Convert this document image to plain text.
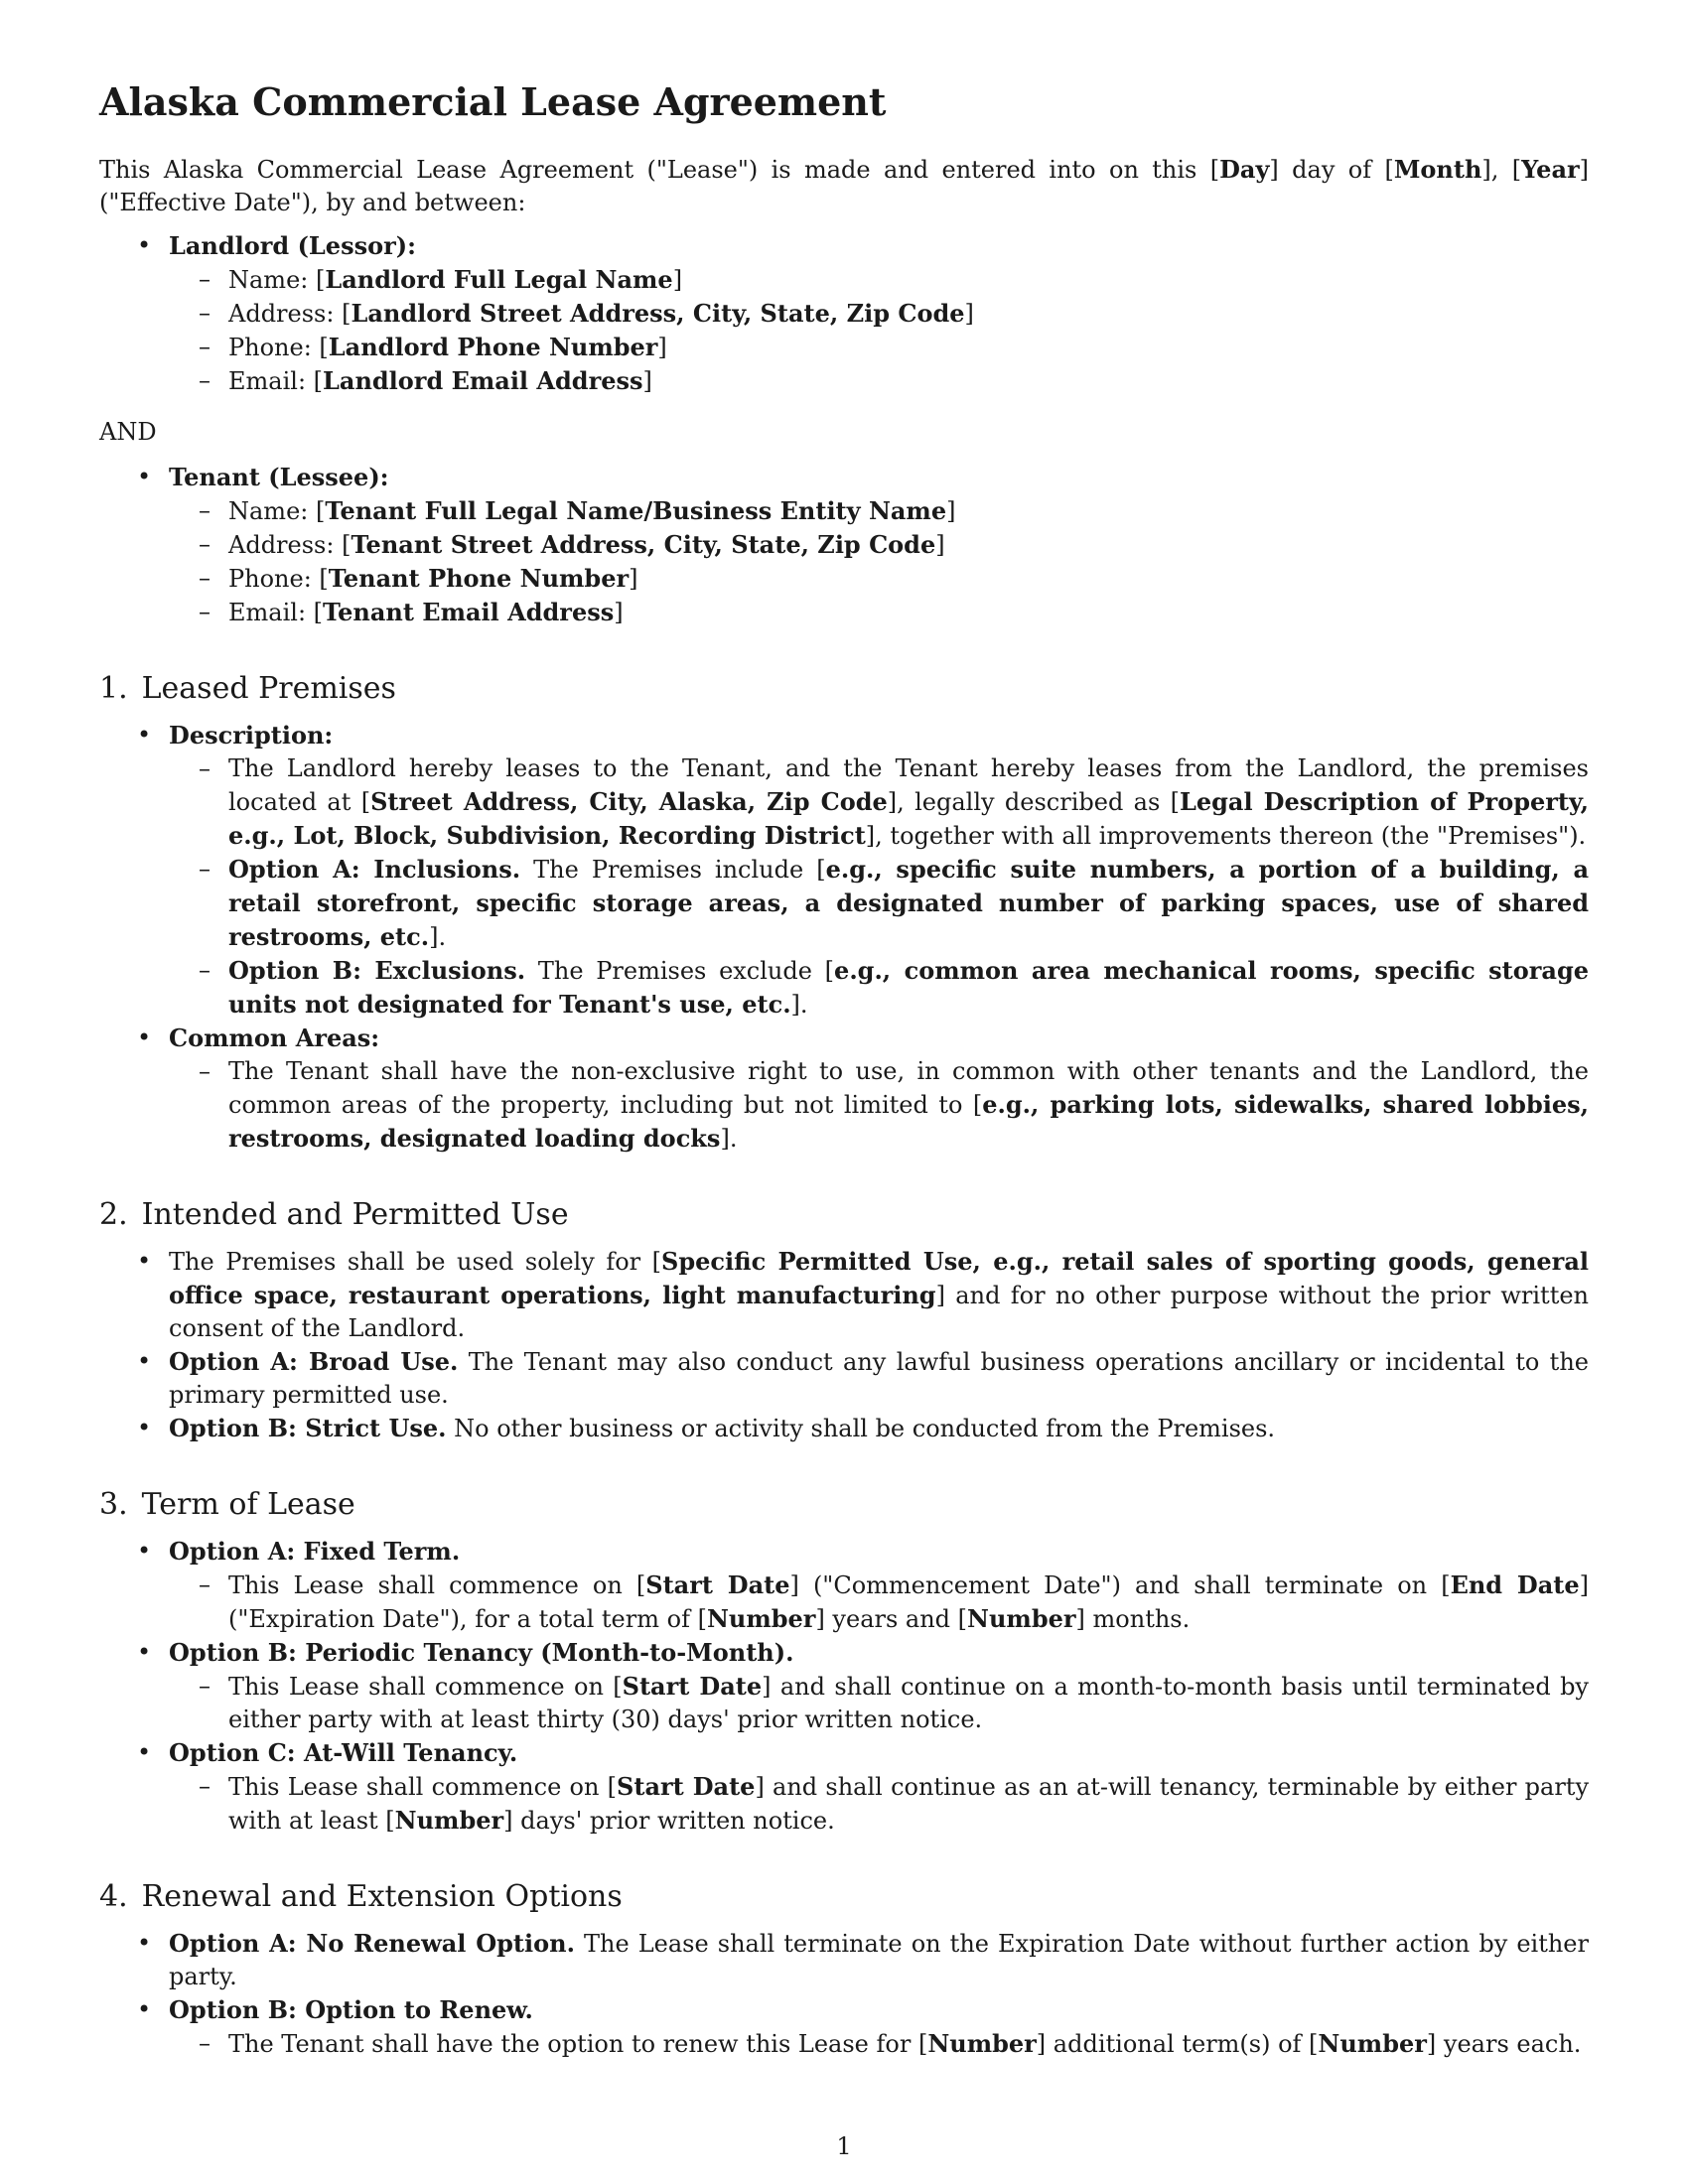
Alaska Commercial Lease Agreement

This Alaska Commercial Lease Agreement ("Lease") is made and entered into on this [Day] day of [Month], [Year] ("Effective Date"), by and between:

• Landlord (Lessor):
– Name: [Landlord Full Legal Name]
– Address: [Landlord Street Address, City, State, Zip Code]
– Phone: [Landlord Phone Number]
– Email: [Landlord Email Address]

AND

• Tenant (Lessee):
– Name: [Tenant Full Legal Name/Business Entity Name]
– Address: [Tenant Street Address, City, State, Zip Code]
– Phone: [Tenant Phone Number]
– Email: [Tenant Email Address]
1. Leased Premises
• Description:
– The Landlord hereby leases to the Tenant, and the Tenant hereby leases from the Landlord, the premises located at [Street Address, City, Alaska, Zip Code], legally described as [Legal Description of Property, e.g., Lot, Block, Subdivision, Recording District], together with all improvements thereon (the "Premises").
– Option A: Inclusions. The Premises include [e.g., specific suite numbers, a portion of a building, a retail storefront, specific storage areas, a designated number of parking spaces, use of shared restrooms, etc.].
– Option B: Exclusions. The Premises exclude [e.g., common area mechanical rooms, specific storage units not designated for Tenant's use, etc.].
• Common Areas:
– The Tenant shall have the non-exclusive right to use, in common with other tenants and the Landlord, the common areas of the property, including but not limited to [e.g., parking lots, sidewalks, shared lobbies, restrooms, designated loading docks].
2. Intended and Permitted Use
• The Premises shall be used solely for [Specific Permitted Use, e.g., retail sales of sporting goods, general office space, restaurant operations, light manufacturing] and for no other purpose without the prior written consent of the Landlord.
• Option A: Broad Use. The Tenant may also conduct any lawful business operations ancillary or incidental to the primary permitted use.
• Option B: Strict Use. No other business or activity shall be conducted from the Premises.
3. Term of Lease
• Option A: Fixed Term.
– This Lease shall commence on [Start Date] ("Commencement Date") and shall terminate on [End Date] ("Expiration Date"), for a total term of [Number] years and [Number] months.
• Option B: Periodic Tenancy (Month-to-Month).
– This Lease shall commence on [Start Date] and shall continue on a month-to-month basis until terminated by either party with at least thirty (30) days' prior written notice.
• Option C: At-Will Tenancy.
– This Lease shall commence on [Start Date] and shall continue as an at-will tenancy, terminable by either party with at least [Number] days' prior written notice.
4. Renewal and Extension Options
• Option A: No Renewal Option. The Lease shall terminate on the Expiration Date without further action by either party.
• Option B: Option to Renew.
– The Tenant shall have the option to renew this Lease for [Number] additional term(s) of [Number] years each.
1
